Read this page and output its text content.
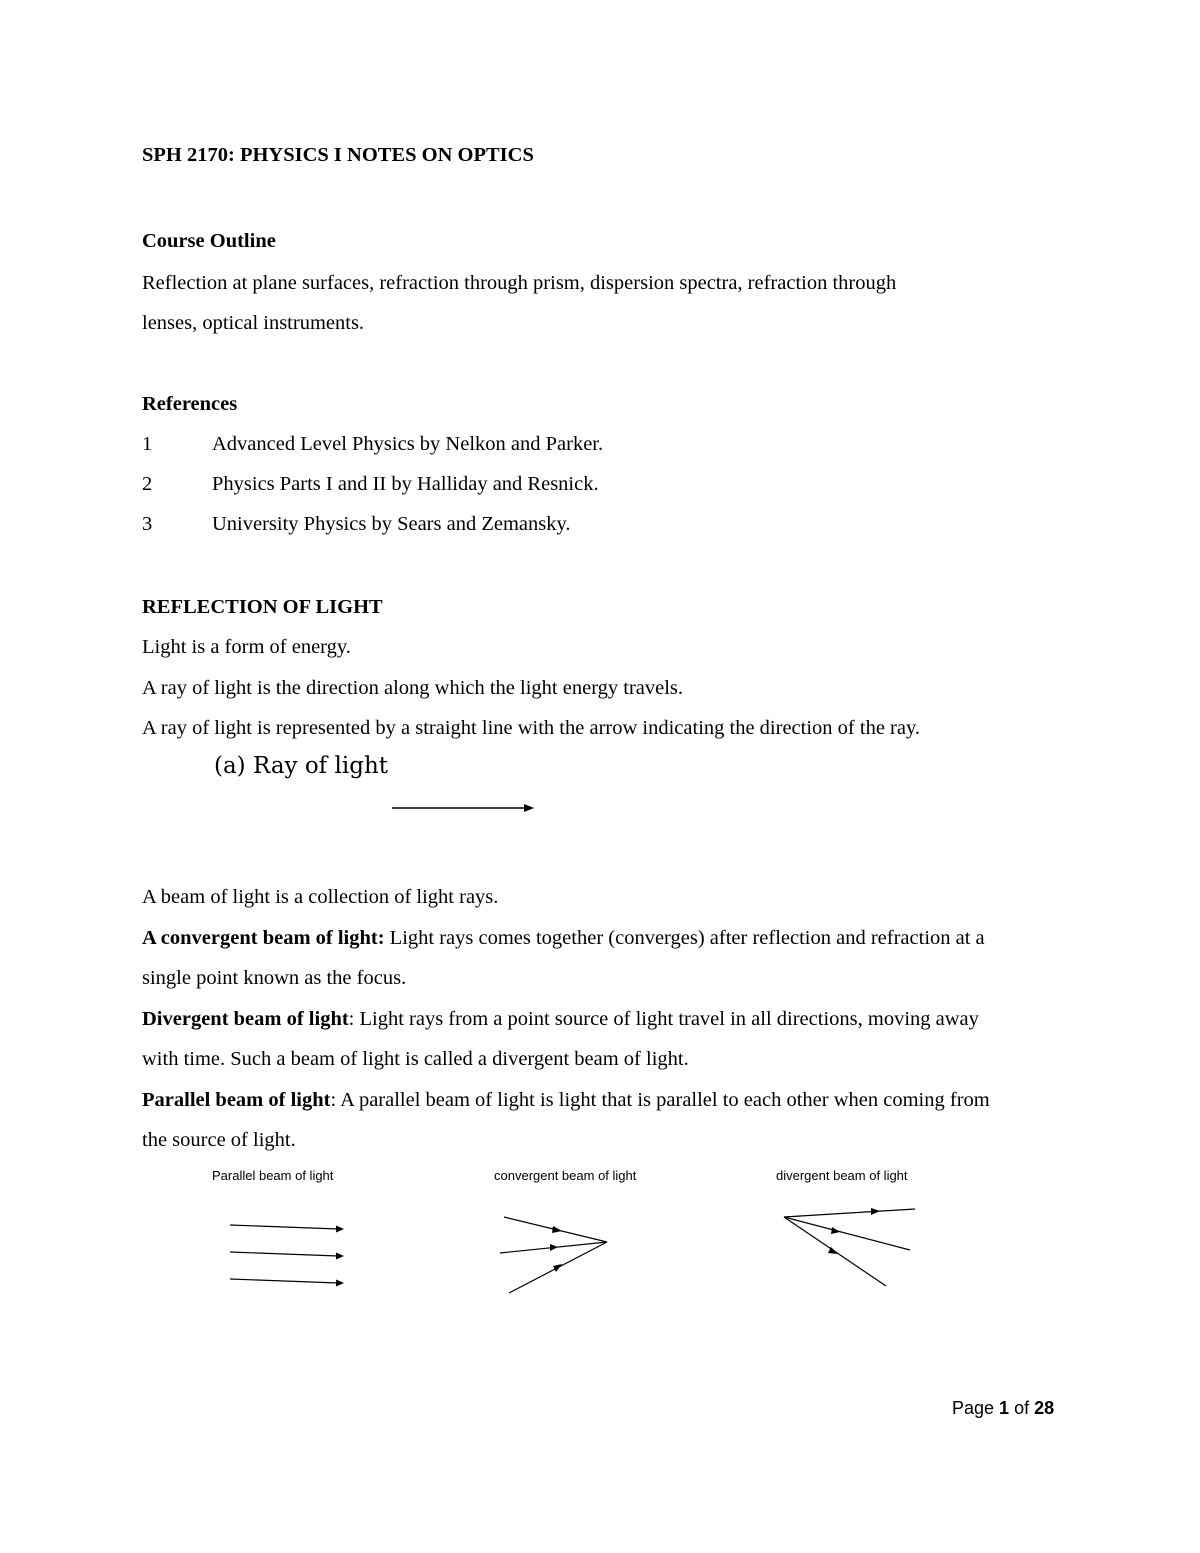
SPH 2170: PHYSICS I NOTES ON OPTICS
Course Outline
Reflection at plane surfaces, refraction through prism, dispersion spectra, refraction through
lenses, optical instruments.
References
1	Advanced Level Physics by Nelkon and Parker.
2	Physics Parts I and II by Halliday and Resnick.
3	University Physics by Sears and Zemansky.
REFLECTION OF LIGHT
Light is a form of energy.
A ray of light is the direction along which the light energy travels.
A ray of light is represented by a straight line with the arrow indicating the direction of the ray.
(a) Ray of light
A beam of light is a collection of light rays.
A convergent beam of light: Light rays comes together (converges) after reflection and refraction at a
single point known as the focus.
Divergent beam of light: Light rays from a point source of light travel in all directions, moving away
with time. Such a beam of light is called a divergent beam of light.
Parallel beam of light: A parallel beam of light is light that is parallel to each other when coming from
the source of light.
Parallel beam of light	convergent beam of light	divergent beam of light
Page 1 of 28
